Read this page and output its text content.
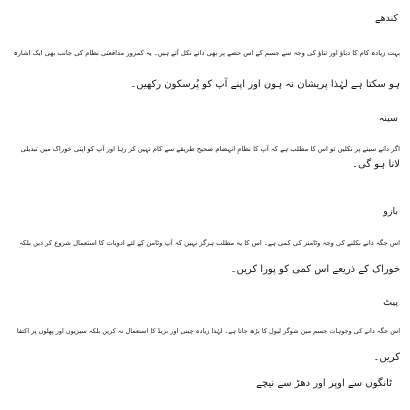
کندھے

بہت زیادہ کام کا دباؤ اور تناؤ کی وجہ سے جسم کے اس حصے پر بھی دانے نکل آتے ہیں۔ یہ کمزور مدافعتی نظام کی جانب بھی ایک اشارہ

ہو سکتا ہے لہٰذا پریشان نہ ہوں اور اپنے آپ کو پُرسکون رکھیں۔

سینہ

اگر دانے سینے پر نکلیں تو اس کا مطلب ہے کہ آپ کا نظامِ انہضام صحیح طریقے سے کام نہیں کر رہا اور آپ کو اپنی خوراک میں تبدیلی

لانا ہو گی۔

بازو

اس جگہ دانے نکلنے کی وجہ وٹامنز کی کمی ہے۔ اس کا یہ مطلب ہرگز نہیں کہ آپ وٹامن کے لئے ادویات کا استعمال شروع کر دیں بلکہ

خوراک کے ذریعے اس کمی کو پورا کریں۔

پیٹ

اس جگہ دانے کی وجوہات جسم میں شوگر لیول کا بڑھ جانا ہے۔ لہٰذا زیادہ چینی اور بریڈ کا استعمال نہ کریں بلکہ سبزیوں اور پھلوں پر اکتفا

کریں۔

ٹانگوں سے اوپر اور دھڑ سے نیچے
